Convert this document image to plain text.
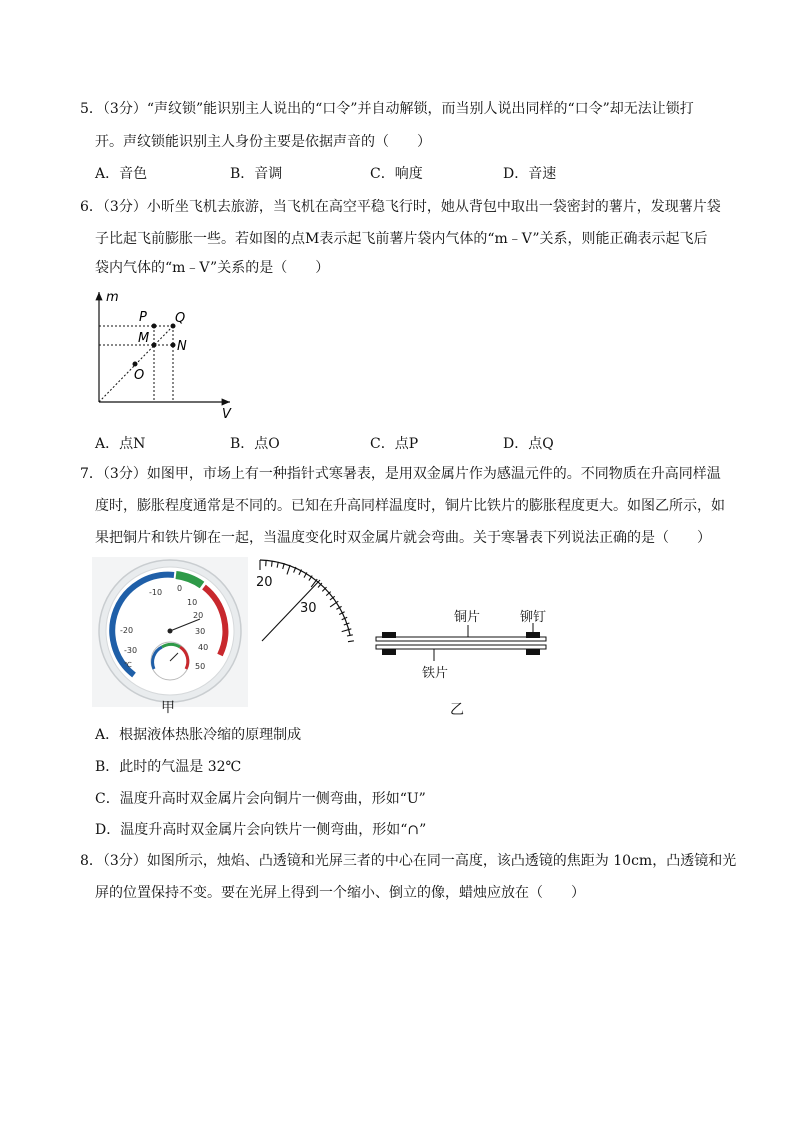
5．（3分）“声纹锁”能识别主人说出的“口令”并自动解锁，而当别人说出同样的“口令”却无法让锁打
开。声纹锁能识别主人身份主要是依据声音的（　　）
A．音色	B．音调	C．响度	D．音速
6．（3分）小昕坐飞机去旅游，当飞机在高空平稳飞行时，她从背包中取出一袋密封的薯片，发现薯片袋
子比起飞前膨胀一些。若如图的点M表示起飞前薯片袋内气体的“m﹣V”关系，则能正确表示起飞后
袋内气体的“m﹣V”关系的是（　　）
m
V
P Q
M
N
O
A．点N	B．点O	C．点P	D．点Q
7．（3分）如图甲，市场上有一种指针式寒暑表，是用双金属片作为感温元件的。不同物质在升高同样温
度时，膨胀程度通常是不同的。已知在升高同样温度时，铜片比铁片的膨胀程度更大。如图乙所示，如
果把铜片和铁片铆在一起，当温度变化时双金属片就会弯曲。关于寒暑表下列说法正确的是（　　）
-10 0
10
20
30
40
50
-20
-30
℃
甲
20
30
铜片	铆钉
铁片
乙
A．根据液体热胀冷缩的原理制成
B．此时的气温是 32℃
C．温度升高时双金属片会向铜片一侧弯曲，形如“U”
D．温度升高时双金属片会向铁片一侧弯曲，形如“∩”
8．（3分）如图所示，烛焰、凸透镜和光屏三者的中心在同一高度，该凸透镜的焦距为 10cm，凸透镜和光
屏的位置保持不变。要在光屏上得到一个缩小、倒立的像，蜡烛应放在（　　）
